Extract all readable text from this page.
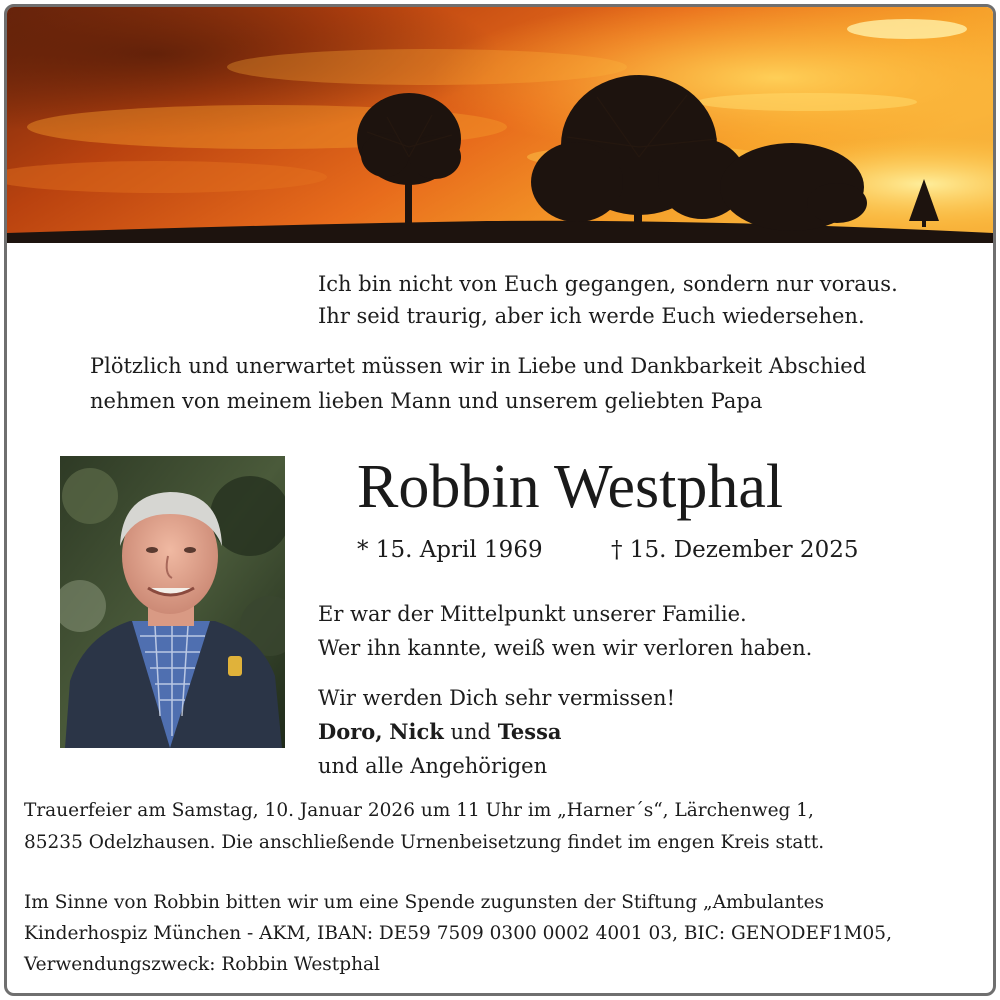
Ich bin nicht von Euch gegangen, sondern nur voraus.

Ihr seid traurig, aber ich werde Euch wiedersehen.

Plötzlich und unerwartet müssen wir in Liebe und Dankbarkeit Abschied

nehmen von meinem lieben Mann und unserem geliebten Papa

Robbin Westphal

* 15. April 1969	† 15. Dezember 2025

Er war der Mittelpunkt unserer Familie.

Wer ihn kannte, weiß wen wir verloren haben.

Wir werden Dich sehr vermissen!

Doro, Nick und Tessa

und alle Angehörigen

Trauerfeier am Samstag, 10. Januar 2026 um 11 Uhr im „Harner´s“, Lärchenweg 1,

85235 Odelzhausen. Die anschließende Urnenbeisetzung findet im engen Kreis statt.

Im Sinne von Robbin bitten wir um eine Spende zugunsten der Stiftung „Ambulantes

Kinderhospiz München - AKM, IBAN: DE59 7509 0300 0002 4001 03, BIC: GENODEF1M05,

Verwendungszweck: Robbin Westphal
